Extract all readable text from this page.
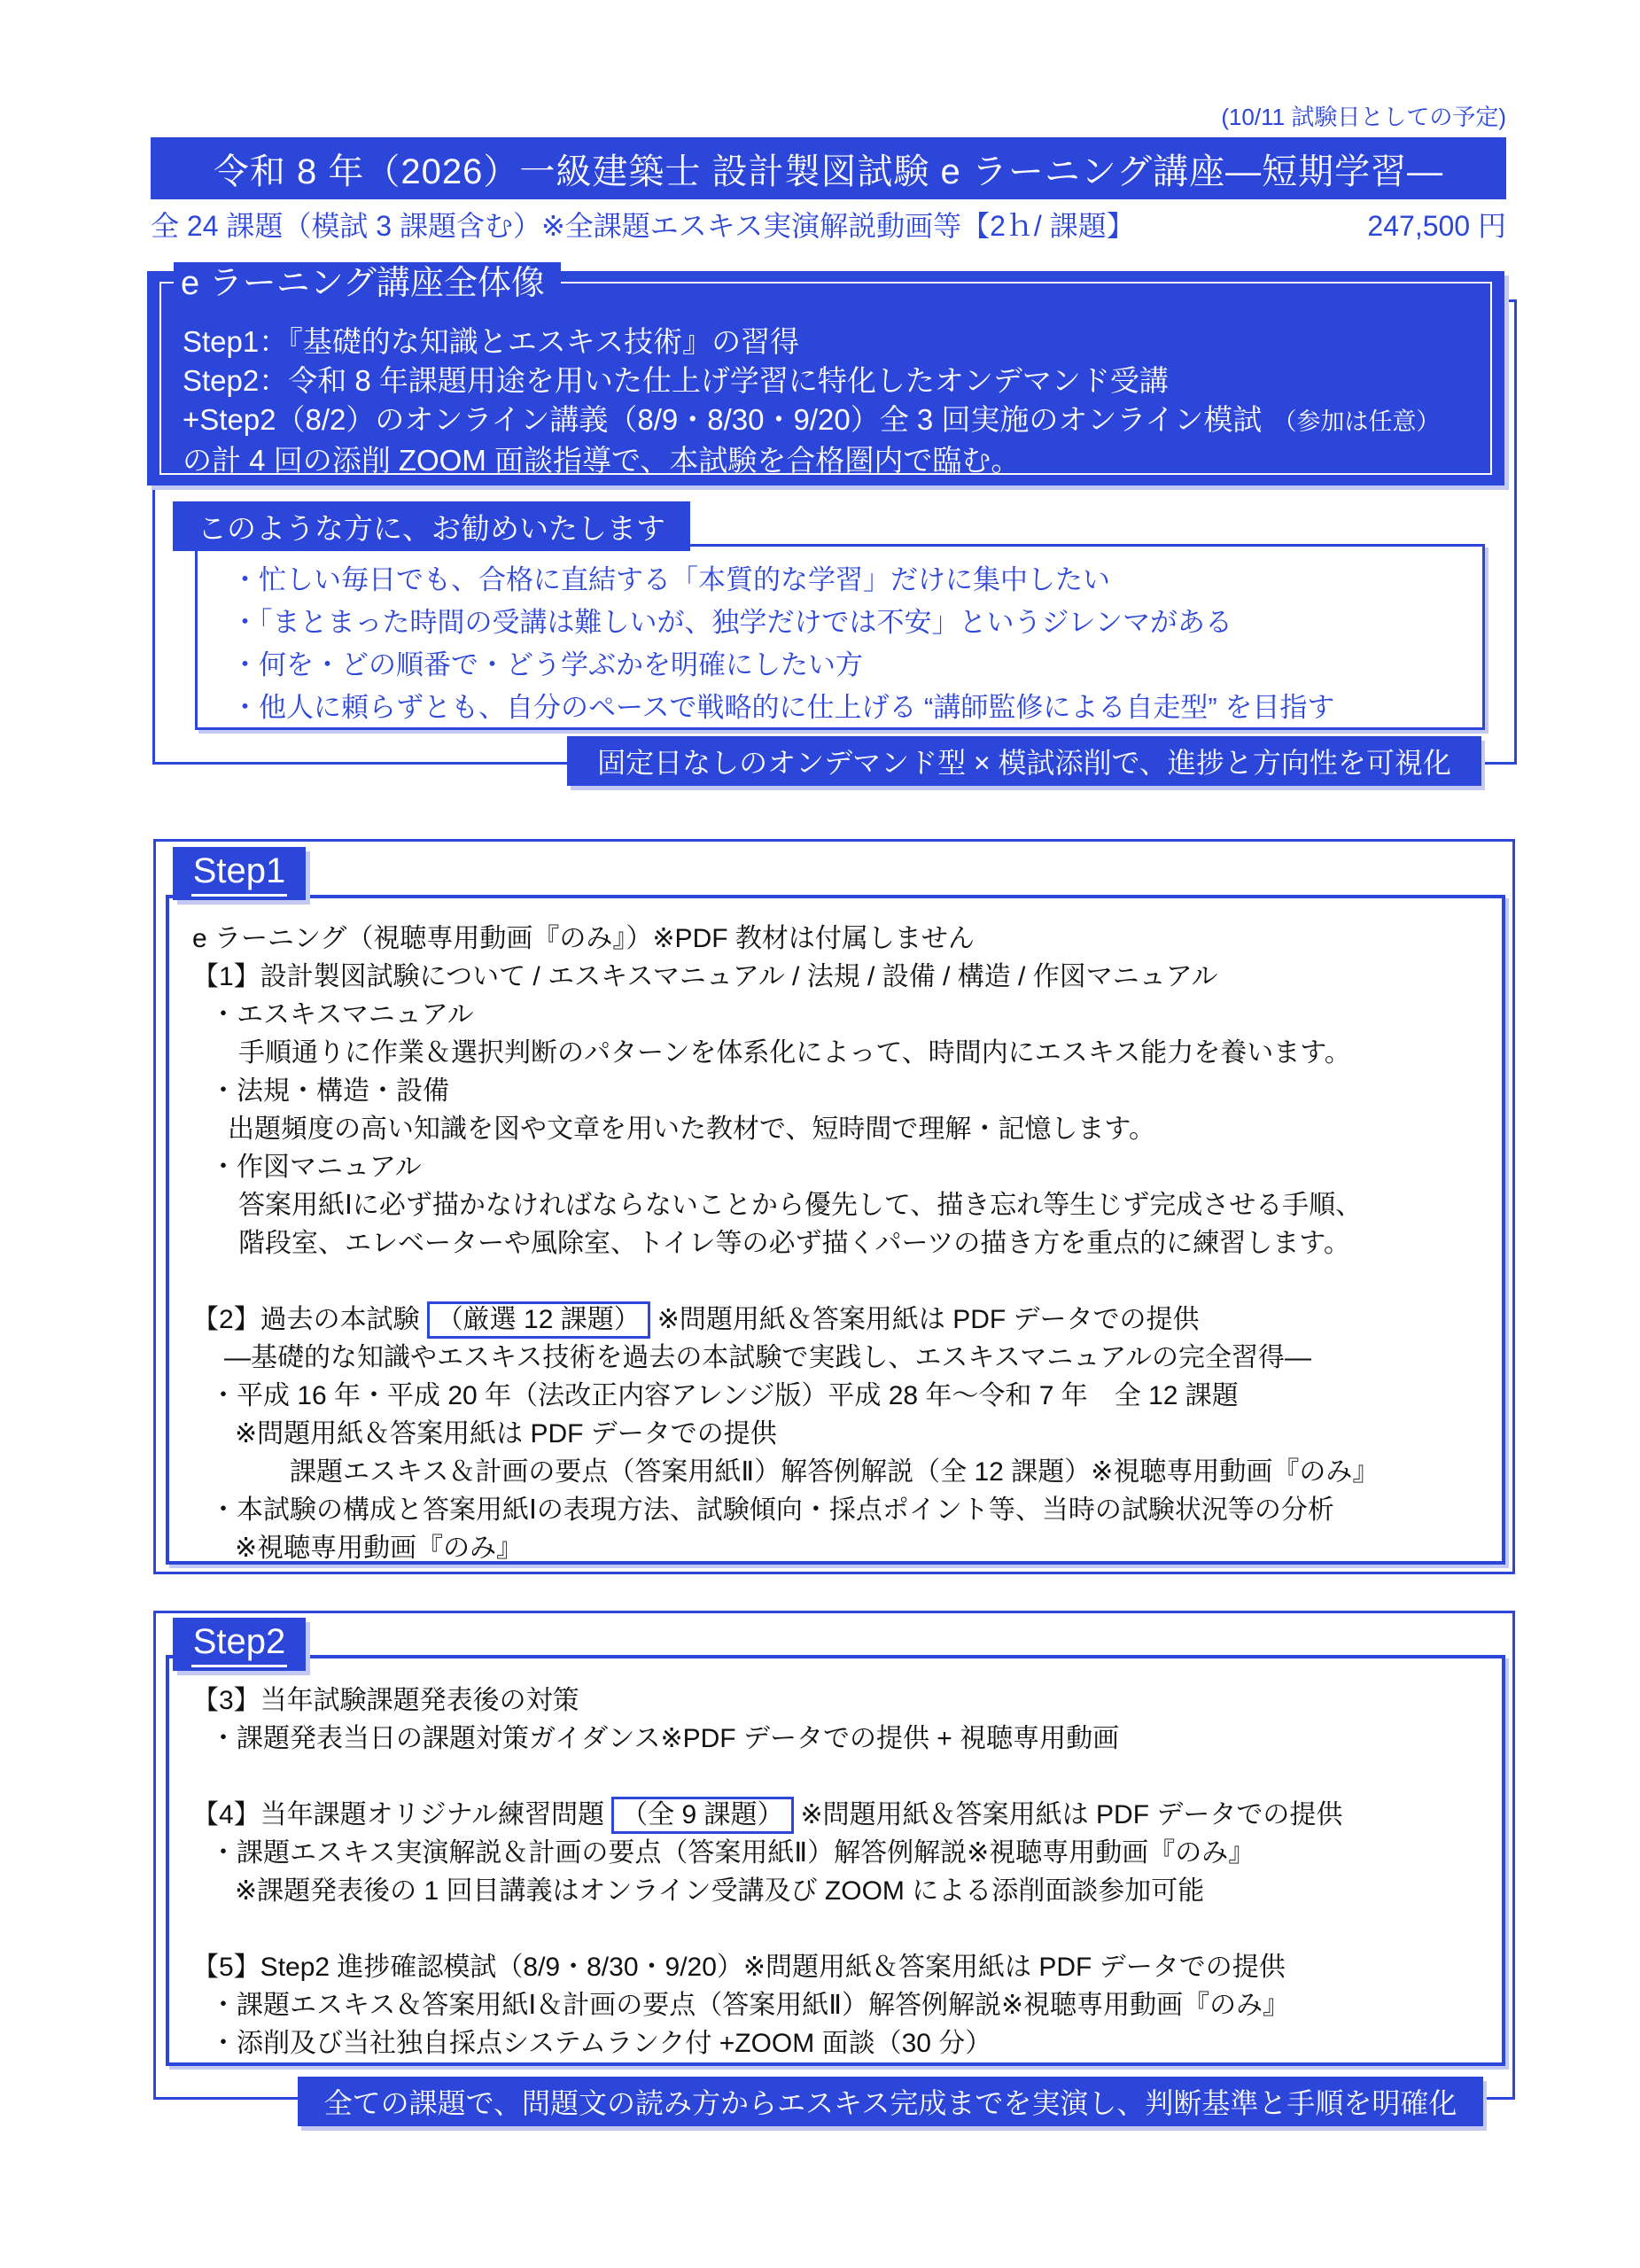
(10/11 試験日としての予定)
令和 8 年（2026）一級建築士 設計製図試験 e ラーニング講座―短期学習―
全 24 課題（模試 3 課題含む）※全課題エスキス実演解説動画等【2ｈ/ 課題】	247,500 円
e ラーニング講座全体像
Step1：『基礎的な知識とエスキス技術』の習得
Step2：令和 8 年課題用途を用いた仕上げ学習に特化したオンデマンド受講
+Step2（8/2）のオンライン講義（8/9・8/30・9/20）全 3 回実施のオンライン模試 （参加は任意）
の計 4 回の添削 ZOOM 面談指導で、本試験を合格圏内で臨む。
このような方に、お勧めいたします
・忙しい毎日でも、合格に直結する「本質的な学習」だけに集中したい
・「まとまった時間の受講は難しいが、独学だけでは不安」というジレンマがある
・何を・どの順番で・どう学ぶかを明確にしたい方
・他人に頼らずとも、自分のペースで戦略的に仕上げる “講師監修による自走型” を目指す
固定日なしのオンデマンド型 × 模試添削で、進捗と方向性を可視化
e ラーニング（視聴専用動画『のみ』）※PDF 教材は付属しません
【1】設計製図試験について / エスキスマニュアル / 法規 / 設備 / 構造 / 作図マニュアル
・エスキスマニュアル
手順通りに作業＆選択判断のパターンを体系化によって、時間内にエスキス能力を養います。
・法規・構造・設備
出題頻度の高い知識を図や文章を用いた教材で、短時間で理解・記憶します。
・作図マニュアル
答案用紙Ⅰに必ず描かなければならないことから優先して、描き忘れ等生じず完成させる手順、
階段室、エレベーターや風除室、トイレ等の必ず描くパーツの描き方を重点的に練習します。
【2】過去の本試験 （厳選 12 課題） ※問題用紙＆答案用紙は PDF データでの提供
―基礎的な知識やエスキス技術を過去の本試験で実践し、エスキスマニュアルの完全習得―
・平成 16 年・平成 20 年（法改正内容アレンジ版）平成 28 年～令和 7 年　全 12 課題
※問題用紙＆答案用紙は PDF データでの提供
課題エスキス＆計画の要点（答案用紙Ⅱ）解答例解説（全 12 課題）※視聴専用動画『のみ』
・本試験の構成と答案用紙Ⅰの表現方法、試験傾向・採点ポイント等、当時の試験状況等の分析
※視聴専用動画『のみ』
Step1
【3】当年試験課題発表後の対策
・課題発表当日の課題対策ガイダンス※PDF データでの提供 + 視聴専用動画
【4】当年課題オリジナル練習問題 （全 9 課題） ※問題用紙＆答案用紙は PDF データでの提供
・課題エスキス実演解説＆計画の要点（答案用紙Ⅱ）解答例解説※視聴専用動画『のみ』
※課題発表後の 1 回目講義はオンライン受講及び ZOOM による添削面談参加可能
【5】Step2 進捗確認模試（8/9・8/30・9/20）※問題用紙＆答案用紙は PDF データでの提供
・課題エスキス＆答案用紙Ⅰ＆計画の要点（答案用紙Ⅱ）解答例解説※視聴専用動画『のみ』
・添削及び当社独自採点システムランク付 +ZOOM 面談（30 分）
Step2
全ての課題で、問題文の読み方からエスキス完成までを実演し、判断基準と手順を明確化
